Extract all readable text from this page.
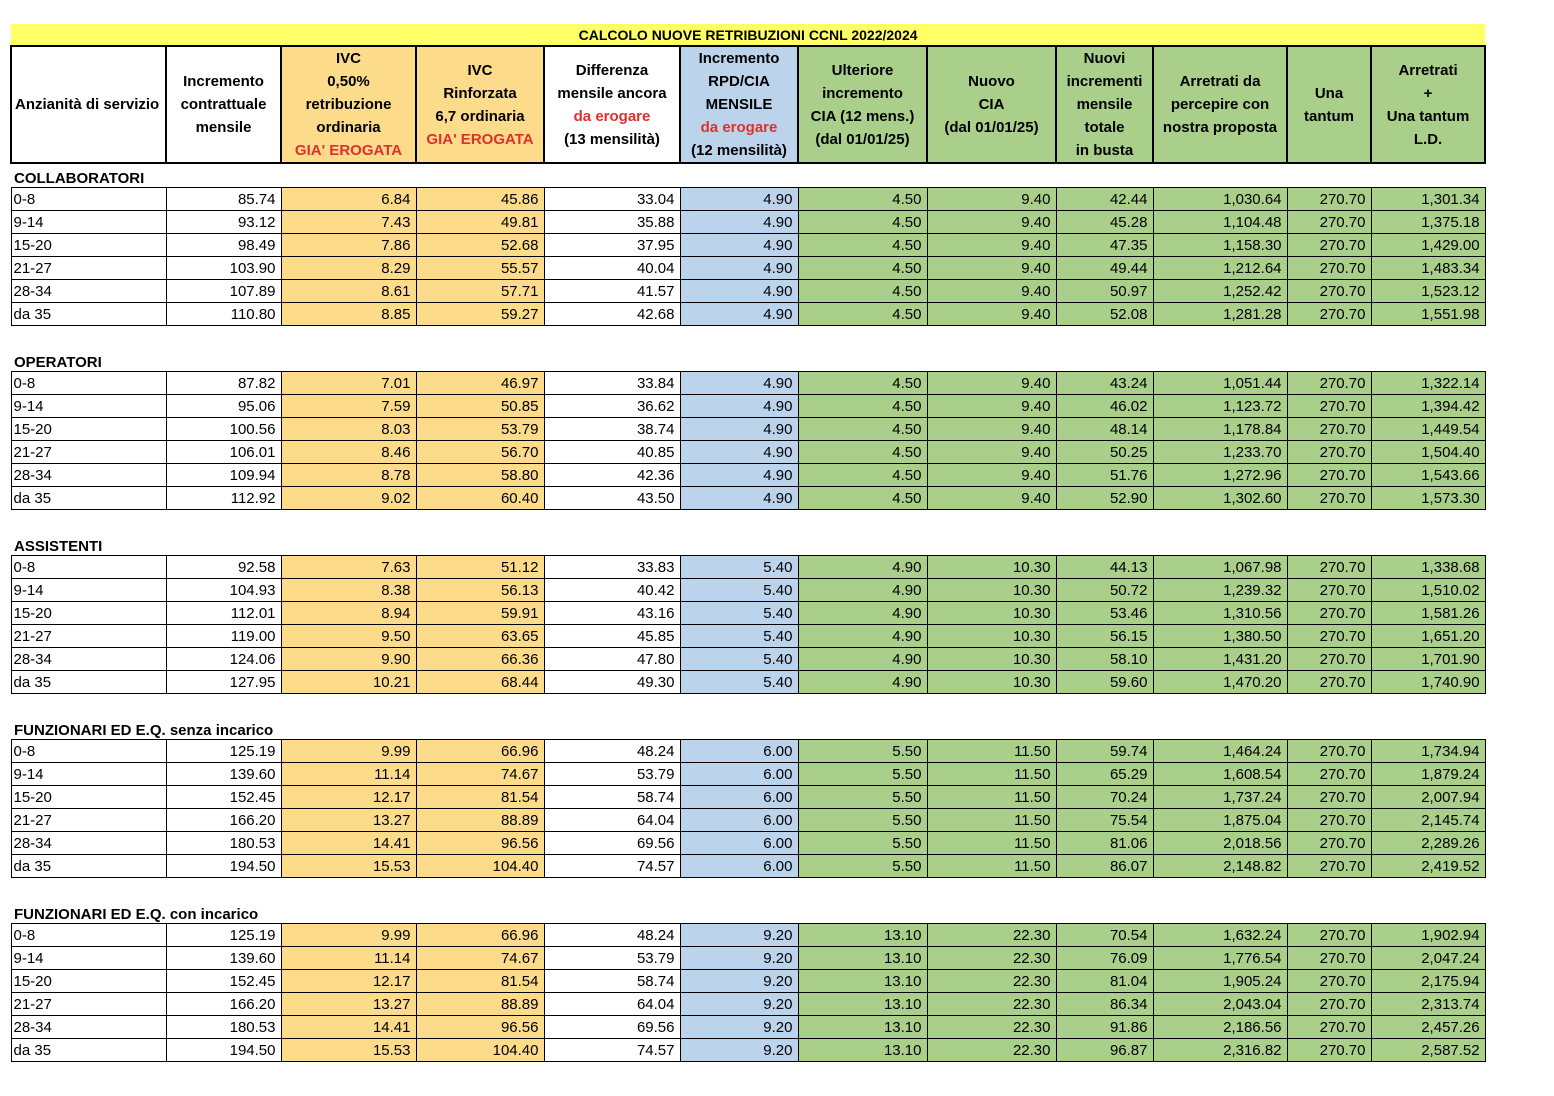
CALCOLO NUOVE RETRIBUZIONI CCNL 2022/2024											
Anzianità di servizio	Incremento
contrattuale
mensile	IVC
0,50%
retribuzione
ordinaria
GIA' EROGATA	IVC
Rinforzata
6,7 ordinaria
GIA' EROGATA	Differenza
mensile ancora
da erogare
(13 mensilità)	Incremento
RPD/CIA
MENSILE
da erogare
(12 mensilità)	Ulteriore
incremento
CIA (12 mens.)
(dal 01/01/25)	Nuovo
CIA
(dal 01/01/25)	Nuovi
incrementi
mensile
totale
in busta	Arretrati da
percepire con
nostra proposta	Una
tantum	Arretrati
+
Una tantum
L.D.
COLLABORATORI											
0-8	85.74	6.84	45.86	33.04	4.90	4.50	9.40	42.44	1,030.64	270.70	1,301.34
9-14	93.12	7.43	49.81	35.88	4.90	4.50	9.40	45.28	1,104.48	270.70	1,375.18
15-20	98.49	7.86	52.68	37.95	4.90	4.50	9.40	47.35	1,158.30	270.70	1,429.00
21-27	103.90	8.29	55.57	40.04	4.90	4.50	9.40	49.44	1,212.64	270.70	1,483.34
28-34	107.89	8.61	57.71	41.57	4.90	4.50	9.40	50.97	1,252.42	270.70	1,523.12
da 35	110.80	8.85	59.27	42.68	4.90	4.50	9.40	52.08	1,281.28	270.70	1,551.98

OPERATORI											
0-8	87.82	7.01	46.97	33.84	4.90	4.50	9.40	43.24	1,051.44	270.70	1,322.14
9-14	95.06	7.59	50.85	36.62	4.90	4.50	9.40	46.02	1,123.72	270.70	1,394.42
15-20	100.56	8.03	53.79	38.74	4.90	4.50	9.40	48.14	1,178.84	270.70	1,449.54
21-27	106.01	8.46	56.70	40.85	4.90	4.50	9.40	50.25	1,233.70	270.70	1,504.40
28-34	109.94	8.78	58.80	42.36	4.90	4.50	9.40	51.76	1,272.96	270.70	1,543.66
da 35	112.92	9.02	60.40	43.50	4.90	4.50	9.40	52.90	1,302.60	270.70	1,573.30

ASSISTENTI											
0-8	92.58	7.63	51.12	33.83	5.40	4.90	10.30	44.13	1,067.98	270.70	1,338.68
9-14	104.93	8.38	56.13	40.42	5.40	4.90	10.30	50.72	1,239.32	270.70	1,510.02
15-20	112.01	8.94	59.91	43.16	5.40	4.90	10.30	53.46	1,310.56	270.70	1,581.26
21-27	119.00	9.50	63.65	45.85	5.40	4.90	10.30	56.15	1,380.50	270.70	1,651.20
28-34	124.06	9.90	66.36	47.80	5.40	4.90	10.30	58.10	1,431.20	270.70	1,701.90
da 35	127.95	10.21	68.44	49.30	5.40	4.90	10.30	59.60	1,470.20	270.70	1,740.90

FUNZIONARI ED E.Q. senza incarico											
0-8	125.19	9.99	66.96	48.24	6.00	5.50	11.50	59.74	1,464.24	270.70	1,734.94
9-14	139.60	11.14	74.67	53.79	6.00	5.50	11.50	65.29	1,608.54	270.70	1,879.24
15-20	152.45	12.17	81.54	58.74	6.00	5.50	11.50	70.24	1,737.24	270.70	2,007.94
21-27	166.20	13.27	88.89	64.04	6.00	5.50	11.50	75.54	1,875.04	270.70	2,145.74
28-34	180.53	14.41	96.56	69.56	6.00	5.50	11.50	81.06	2,018.56	270.70	2,289.26
da 35	194.50	15.53	104.40	74.57	6.00	5.50	11.50	86.07	2,148.82	270.70	2,419.52

FUNZIONARI ED E.Q. con incarico											
0-8	125.19	9.99	66.96	48.24	9.20	13.10	22.30	70.54	1,632.24	270.70	1,902.94
9-14	139.60	11.14	74.67	53.79	9.20	13.10	22.30	76.09	1,776.54	270.70	2,047.24
15-20	152.45	12.17	81.54	58.74	9.20	13.10	22.30	81.04	1,905.24	270.70	2,175.94
21-27	166.20	13.27	88.89	64.04	9.20	13.10	22.30	86.34	2,043.04	270.70	2,313.74
28-34	180.53	14.41	96.56	69.56	9.20	13.10	22.30	91.86	2,186.56	270.70	2,457.26
da 35	194.50	15.53	104.40	74.57	9.20	13.10	22.30	96.87	2,316.82	270.70	2,587.52
